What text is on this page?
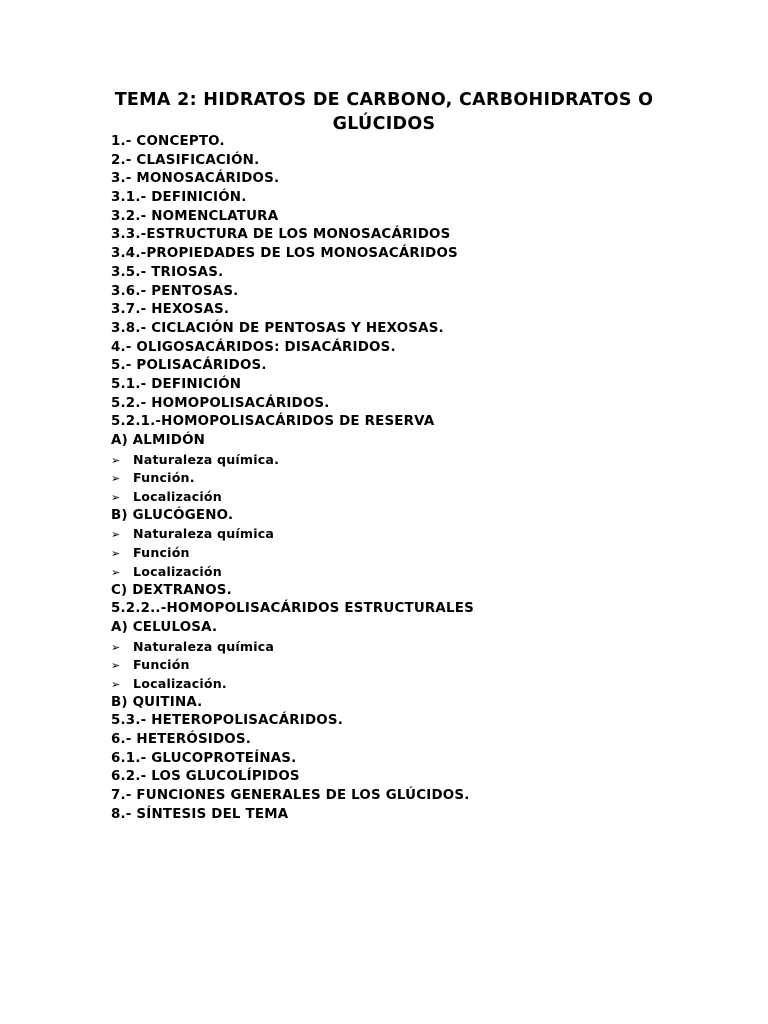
TEMA 2: HIDRATOS DE CARBONO, CARBOHIDRATOS O
GLÚCIDOS
1.- CONCEPTO.
2.- CLASIFICACIÓN.
3.- MONOSACÁRIDOS.
3.1.- DEFINICIÓN.
3.2.- NOMENCLATURA
3.3.-ESTRUCTURA DE LOS MONOSACÁRIDOS
3.4.-PROPIEDADES DE LOS MONOSACÁRIDOS
3.5.- TRIOSAS.
3.6.- PENTOSAS.
3.7.- HEXOSAS.
3.8.- CICLACIÓN DE PENTOSAS Y HEXOSAS.
4.- OLIGOSACÁRIDOS: DISACÁRIDOS.
5.- POLISACÁRIDOS.
5.1.- DEFINICIÓN
5.2.- HOMOPOLISACÁRIDOS.
5.2.1.-HOMOPOLISACÁRIDOS DE RESERVA
A) ALMIDÓN
➢ Naturaleza química.
➢ Función.
➢ Localización
B) GLUCÓGENO.
➢ Naturaleza química
➢ Función
➢ Localización
C) DEXTRANOS.
5.2.2..-HOMOPOLISACÁRIDOS ESTRUCTURALES
A) CELULOSA.
➢ Naturaleza química
➢ Función
➢ Localización.
B) QUITINA.
5.3.- HETEROPOLISACÁRIDOS.
6.- HETERÓSIDOS.
6.1.- GLUCOPROTEÍNAS.
6.2.- LOS GLUCOLÍPIDOS
7.- FUNCIONES GENERALES DE LOS GLÚCIDOS.
8.- SÍNTESIS DEL TEMA
